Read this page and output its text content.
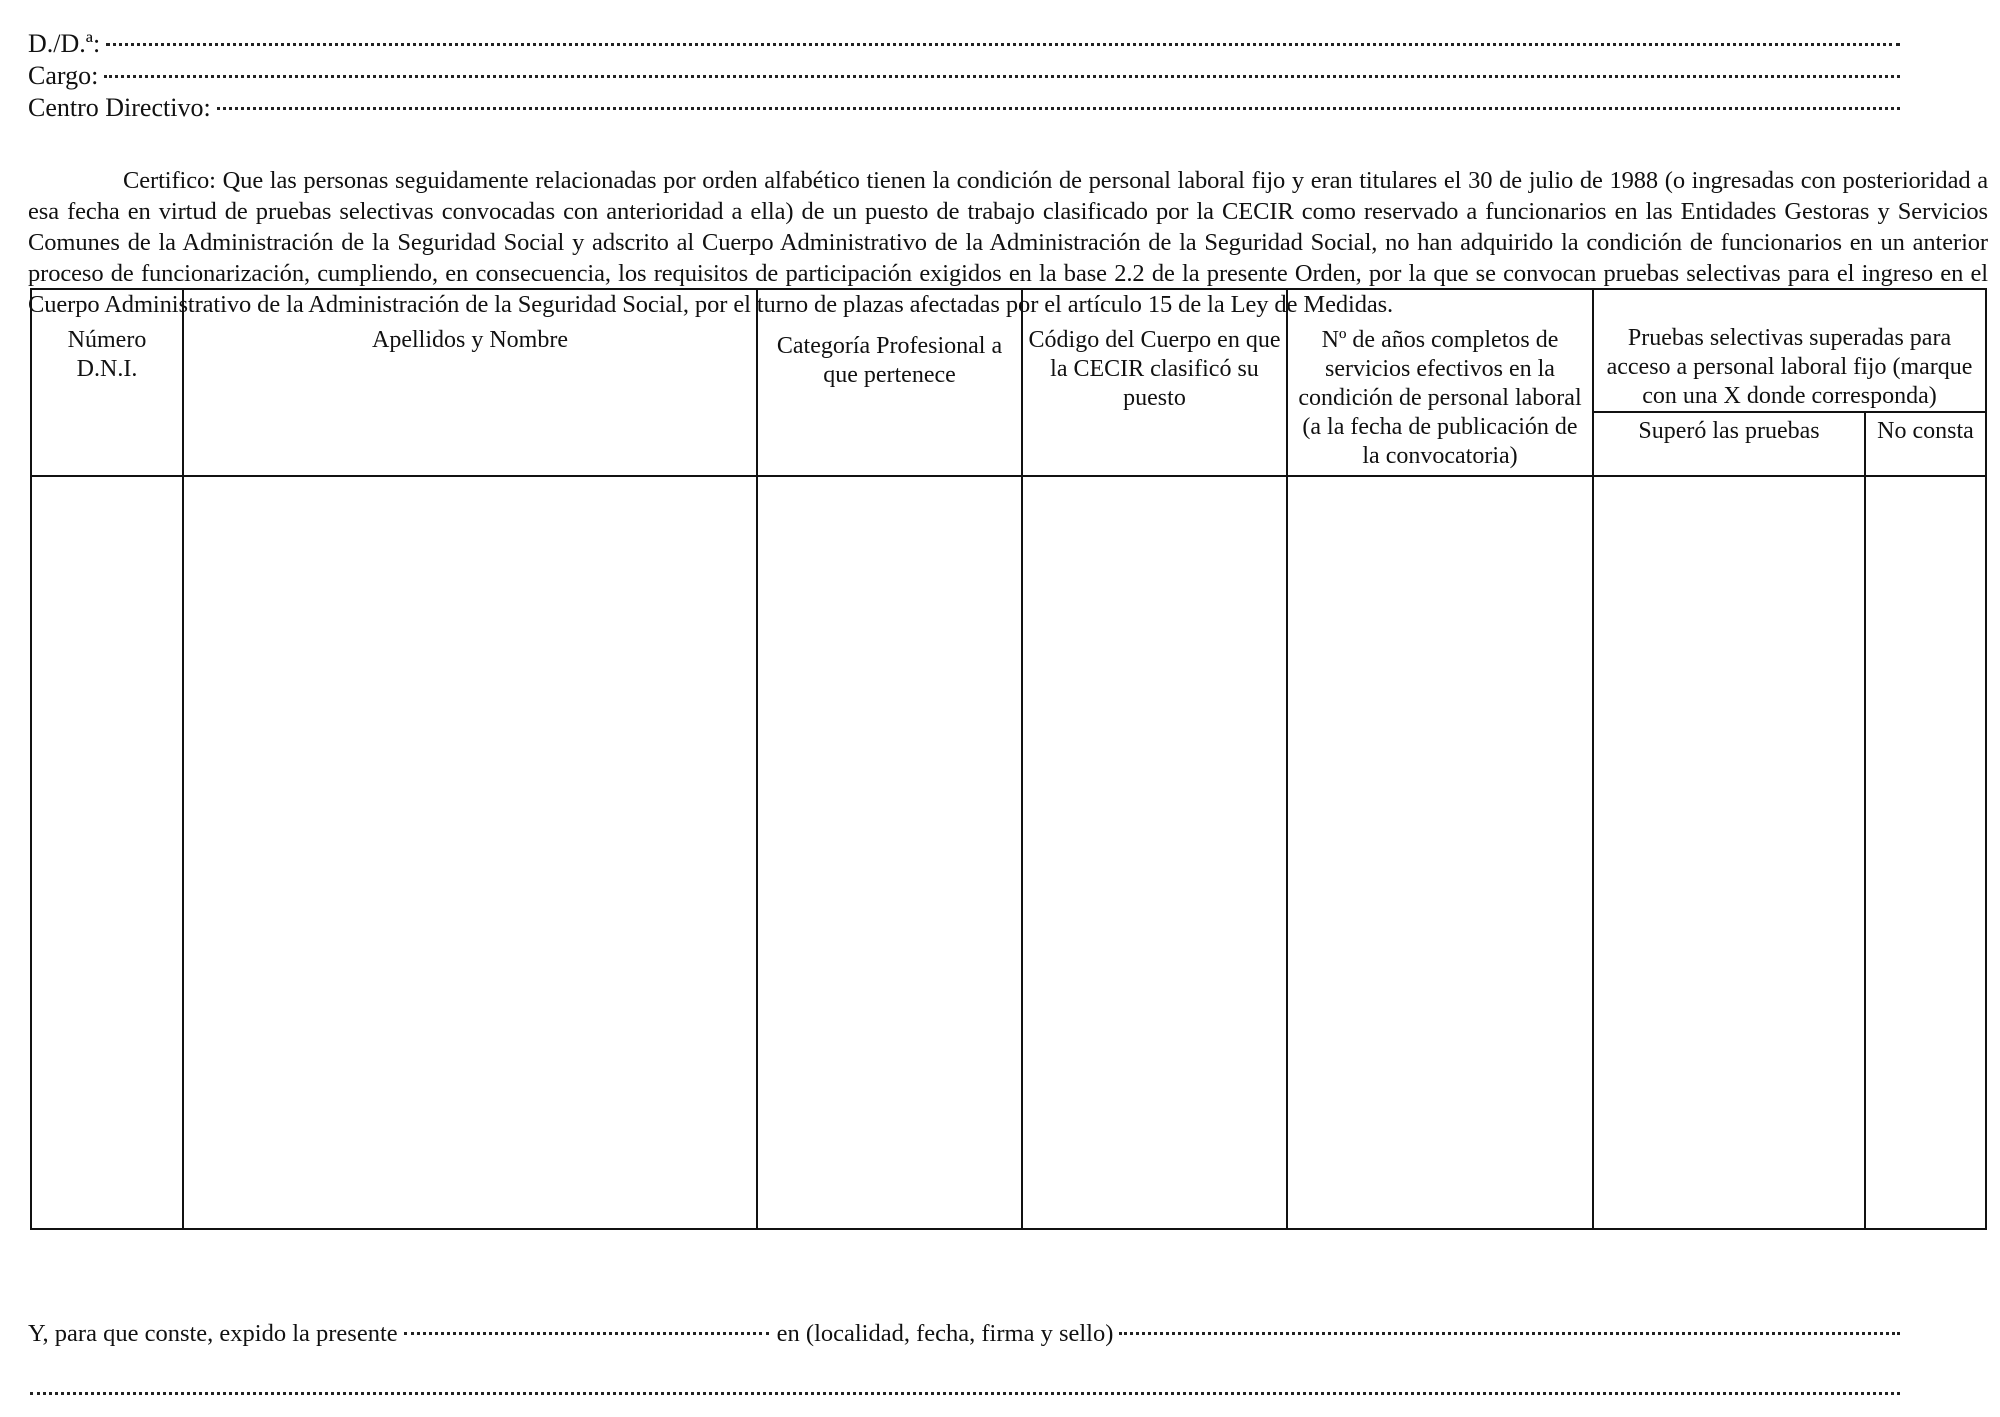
D./D.ª:
Cargo:
Centro Directivo:

Certifico: Que las personas seguidamente relacionadas por orden alfabético tienen la condición de personal laboral fijo y eran titulares el 30 de julio de 1988 (o ingresadas con posterioridad a esa fecha en virtud de pruebas selectivas convocadas con anterioridad a ella) de un puesto de trabajo clasificado por la CECIR como reservado a funcionarios en las Entidades Gestoras y Servicios Comunes de la Administración de la Seguridad Social y adscrito al Cuerpo Administrativo de la Administración de la Seguridad Social, no han adquirido la condición de funcionarios en un anterior proceso de funcionarización, cumpliendo, en consecuencia, los requisitos de participación exigidos en la base 2.2 de la presente Orden, por la que se convocan pruebas selectivas para el ingreso en el Cuerpo Administrativo de la Administración de la Seguridad Social, por el turno de plazas afectadas por el artículo 15 de la Ley de Medidas.

Número D.N.I.	Apellidos y Nombre	Categoría Profesional a que pertenece	Código del Cuerpo en que la CECIR clasificó su puesto	Nº de años completos de servicios efectivos en la condición de personal laboral (a la fecha de publicación de la convocatoria)	Pruebas selectivas superadas para acceso a personal laboral fijo (marque con una X donde corresponda)	

					Superó las pruebas	No consta

Y, para que conste, expido la presente	en (localidad, fecha, firma y sello)
